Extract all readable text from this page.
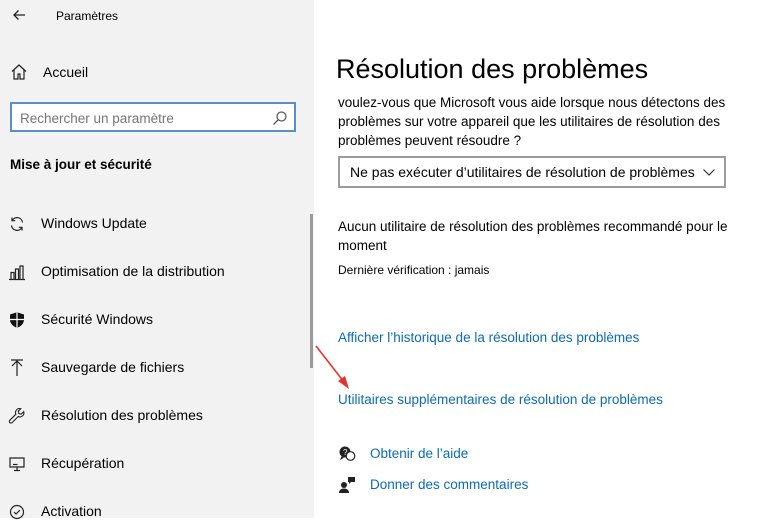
Paramètres
Accueil
Rechercher un paramètre
Mise à jour et sécurité
Windows Update
Optimisation de la distribution
Sécurité Windows
Sauvegarde de fichiers
Résolution des problèmes
Récupération
Activation
Résolution des problèmes
voulez-vous que Microsoft vous aide lorsque nous détectons des problèmes sur votre appareil que les utilitaires de résolution des problèmes peuvent résoudre ?
Ne pas exécuter d’utilitaires de résolution de problèmes
Aucun utilitaire de résolution des problèmes recommandé pour le moment
Dernière vérification : jamais
Afficher l’historique de la résolution des problèmes
Utilitaires supplémentaires de résolution de problèmes
? Obtenir de l’aide
Donner des commentaires
